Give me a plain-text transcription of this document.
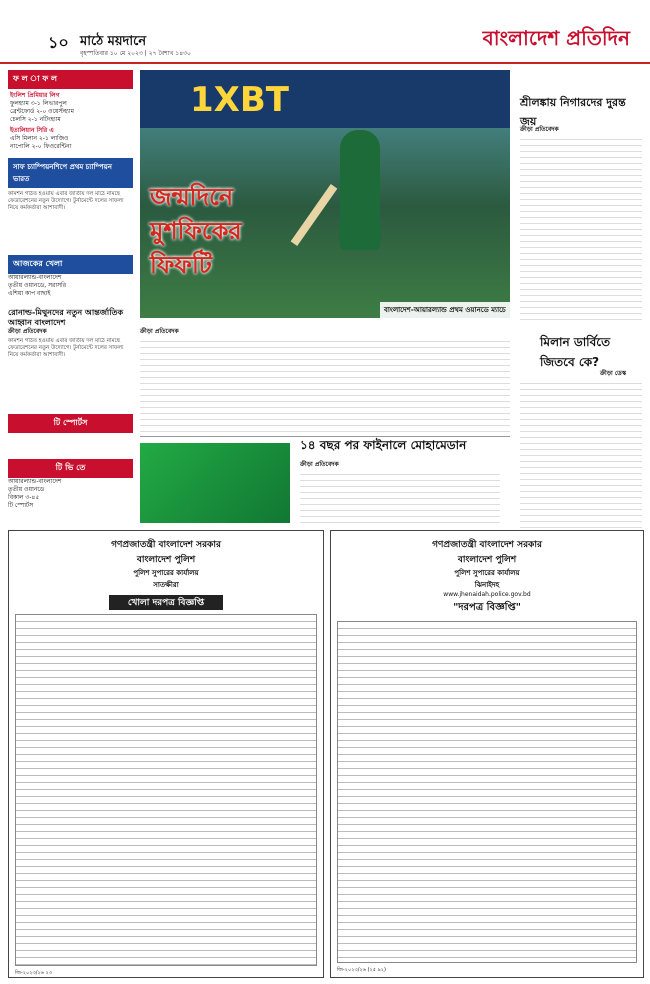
১০ মাঠে ময়দানে
বৃহস্পতিবার ১০ মে ২০২৩ | ২৭ বৈশাখ ১৪৩০
বাংলাদেশ প্রতিদিন
ফ ল া ফ ল
ইংলিশ প্রিমিয়ার লিগ
ফুলহ্যাম ৩-১ লিভারপুল
ব্রেন্টফোর্ড ২-০ ওয়েস্টহ্যাম
চেলসি ২-১ নটিংহ্যাম
ইতালিয়ান সিরি এ
এসি মিলান ২-১ লাজিও
নাপোলি ২-০ ফিওরেন্টিনা
সাফ চ্যাম্পিয়নশিপে প্রথম চ্যাম্পিয়ন ভারত
কমিশন গঠিত হওয়ায় এবার জাতীয় দল মাঠে নামছে ফেডারেশনের নতুন উদ্যোগে। টুর্নামেন্টে দলের সাফল্য নিয়ে কর্মকর্তারা আশাবাদী।
আজকের খেলা
আয়ারল্যান্ড-বাংলাদেশ
তৃতীয় ওয়ানডে, সরাসরি
এশিয়া কাপ বাছাই
রোনাল্ড-মিথুনদের নতুন আন্তর্জাতিক আহ্বান বাংলাদেশ
ক্রীড়া প্রতিবেদক
কমিশন গঠিত হওয়ায় এবার জাতীয় দল মাঠে নামছে ফেডারেশনের নতুন উদ্যোগে। টুর্নামেন্টে দলের সাফল্য নিয়ে কর্মকর্তারা আশাবাদী।
টি স্পোর্টস
টি ভি তে
আয়ারল্যান্ড-বাংলাদেশ
তৃতীয় ওয়ানডে
বিকাল ৩-৪৫
টি স্পোর্টস
1XBT
জন্মদিনে
মুশফিকের
ফিফটি
বাংলাদেশ-আয়ারল্যান্ড প্রথম ওয়ানডে ম্যাচে
শ্রীলঙ্কায় নিগারদের দুরন্ত জয়
ক্রীড়া প্রতিবেদক
মিলান ডার্বিতে জিতবে কে?
ক্রীড়া ডেস্ক
ক্রীড়া প্রতিবেদক
১৪ বছর পর ফাইনালে মোহামেডান
ক্রীড়া প্রতিবেদক
গণপ্রজাতন্ত্রী বাংলাদেশ সরকার
বাংলাদেশ পুলিশ
পুলিশ সুপারের কার্যালয়
সাতক্ষীরা
খোলা দরপত্র বিজ্ঞপ্তি
জি-২০২৩/২৬ ২৩
গণপ্রজাতন্ত্রী বাংলাদেশ সরকার
বাংলাদেশ পুলিশ
পুলিশ সুপারের কার্যালয়
ঝিনাইদহ
www.jhenaidah.police.gov.bd
"দরপত্র বিজ্ঞপ্তি"
জি-২০২৩/২৬ (২৫ ৯২)
